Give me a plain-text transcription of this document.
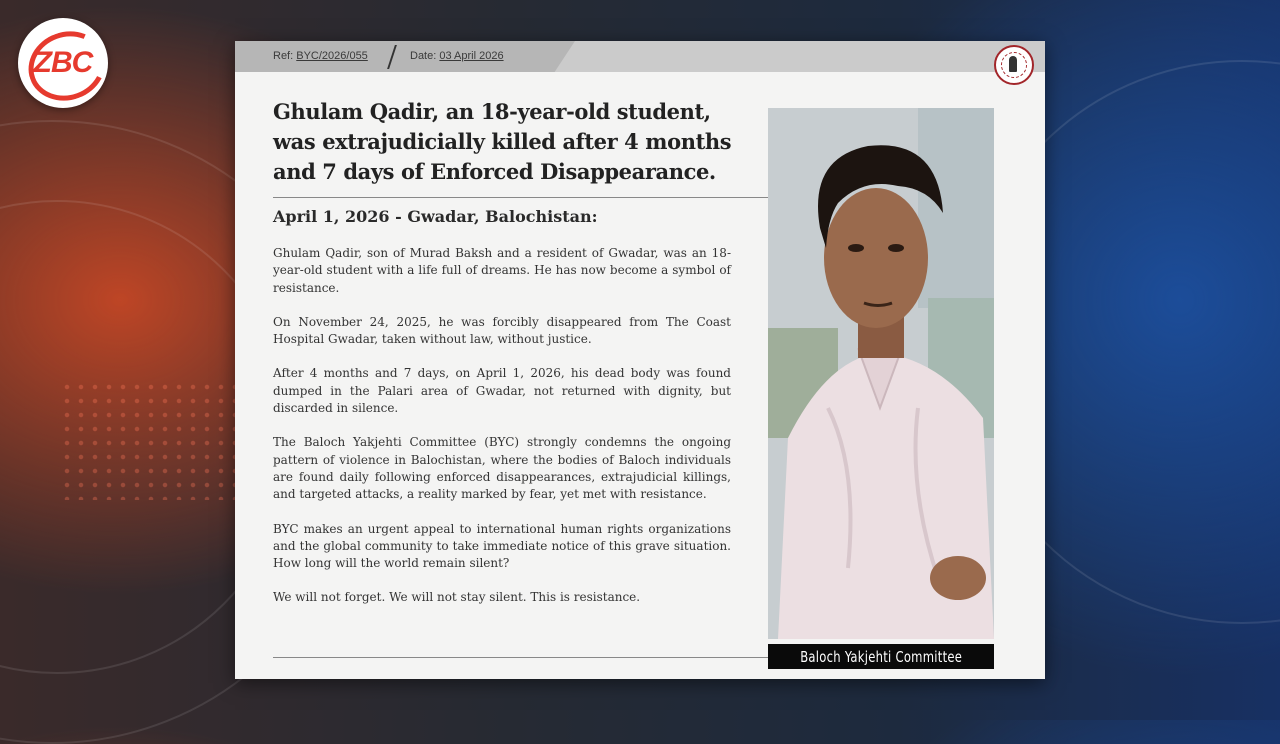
ZBC	Ref: BYC/2026/055	Date: 03 April 2026
Ghulam Qadir, an 18-year-old student, was extrajudicially killed after 4 months and 7 days of Enforced Disappearance.
April 1, 2026 - Gwadar, Balochistan:

Ghulam Qadir, son of Murad Baksh and a resident of Gwadar, was an 18-year-old student with a life full of dreams. He has now become a symbol of resistance.

On November 24, 2025, he was forcibly disappeared from The Coast Hospital Gwadar, taken without law, without justice.

After 4 months and 7 days, on April 1, 2026, his dead body was found dumped in the Palari area of Gwadar, not returned with dignity, but discarded in silence.

The Baloch Yakjehti Committee (BYC) strongly condemns the ongoing pattern of violence in Balochistan, where the bodies of Baloch individuals are found daily following enforced disappearances, extrajudicial killings, and targeted attacks, a reality marked by fear, yet met with resistance.

BYC makes an urgent appeal to international human rights organizations and the global community to take immediate notice of this grave situation. How long will the world remain silent?

We will not forget. We will not stay silent. This is resistance.

Baloch Yakjehti Committee
